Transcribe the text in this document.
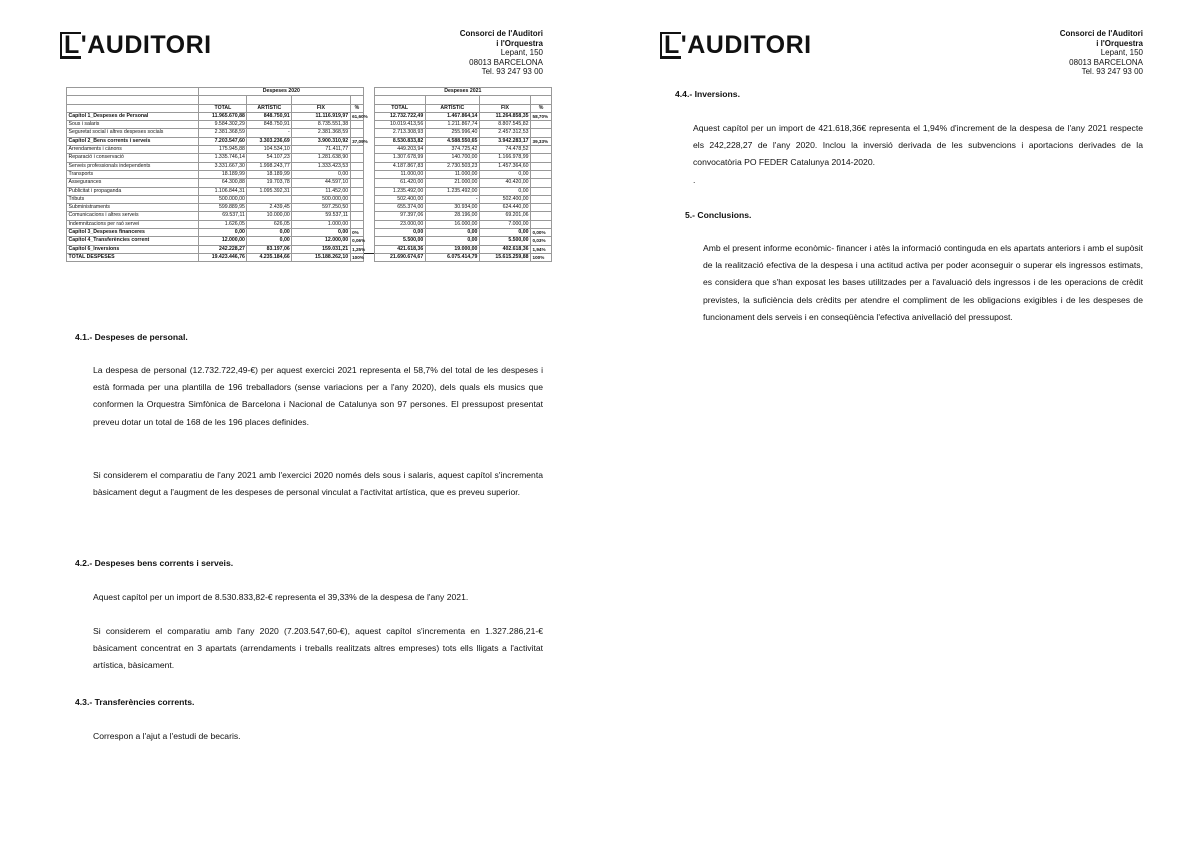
L'AUDITORI	Consorci de l'Auditori
i l'Orquestra
Lepant, 150
08013 BARCELONA
Tel. 93 247 93 00
	Despeses 2020					Despeses 2021			

	TOTAL	ARTÍSTIC	FIX	%		TOTAL	ARTÍSTIC	FIX	%
Capítol 1_Despeses de Personal	11.965.670,88	848.750,91	11.116.919,97	61,60%		12.732.722,49	1.467.864,14	11.264.858,35	58,70%
Sous i salaris	9.584.302,29	848.750,91	8.735.551,38			10.019.413,56	1.211.867,74	8.807.545,82	
Seguretat social i altres despeses socials	2.381.368,59	-	2.381.368,59			2.713.308,93	255.996,40	2.457.312,53	
Capítol 2_Bens corrents i serveis	7.203.547,60	3.303.236,69	3.900.310,92	37,09%		8.530.833,82	4.588.550,65	3.942.283,17	39,33%
Arrendaments i cànons	175.945,88	104.534,10	71.411,77			449.203,94	374.725,42	74.478,52	
Reparació i conservació	1.335.746,14	54.107,23	1.281.638,90			1.307.678,99	140.700,00	1.166.978,99	
Serveis professionals independents	3.331.667,30	1.998.243,77	1.333.423,53			4.187.867,83	2.730.503,23	1.457.364,60	
Transports	18.189,99	18.189,99	0,00			11.000,00	11.000,00	0,00	
Assegurances	64.300,88	19.703,78	44.597,10			61.420,00	21.000,00	40.420,00	
Publicitat i propaganda	1.106.844,31	1.095.392,31	11.452,00			1.235.492,00	1.235.492,00	0,00	
Tributs	500.000,00		500.000,00			502.400,00	-	502.400,00	
Subministraments	599.889,95	2.439,45	597.250,50			655.374,00	30.934,00	624.440,00	
Comunicacions i altres serveis	69.537,11	10.000,00	59.537,11			97.397,06	28.196,00	69.201,06	
Indemnitzacions per raó servei	1.626,05	626,05	1.000,00			23.000,00	16.000,00	7.000,00	
Capítol 3_Despeses financeres	0,00	0,00	0,00	0%		0,00	0,00	0,00	0,00%
Capítol 4_Transferències corrent	12.000,00	0,00	12.000,00	0,06%		5.500,00	0,00	5.500,00	0,03%
Capítol 6_Inversions	242.228,27	83.197,06	159.031,21	1,25%		421.618,36	19.000,00	402.618,36	1,94%
TOTAL DESPESES	19.423.446,76	4.235.184,66	15.188.262,10	100%		21.690.674,67	6.075.414,79	15.615.259,88	100%
4.1.- Despeses de personal.
La despesa de personal (12.732.722,49-€) per aquest exercici 2021 representa el 58,7% del total de les despeses i està formada per una plantilla de 196 treballadors (sense variacions per a l'any 2020), dels quals els musics que conformen la Orquestra Simfònica de Barcelona i Nacional de Catalunya son 97 persones. El pressupost presentat preveu dotar un total de 168 de les 196 places definides.
Si considerem el comparatiu de l'any 2021 amb l'exercici 2020 només dels sous i salaris, aquest capítol s'incrementa bàsicament degut a l'augment de les despeses de personal vinculat a l'activitat artística, que es preveu superior.
4.2.- Despeses bens corrents i serveis.
Aquest capítol per un import de 8.530.833,82-€ representa el 39,33% de la despesa de l'any 2021.
Si considerem el comparatiu amb l'any 2020 (7.203.547,60-€), aquest capítol s'incrementa en 1.327.286,21-€ bàsicament concentrat en 3 apartats (arrendaments i treballs realitzats altres empreses) tots ells lligats a l'activitat artística, bàsicament.
4.3.- Transferències corrents.
Correspon a l'ajut a l'estudi de becaris.
L'AUDITORI	Consorci de l'Auditori
i l'Orquestra
Lepant, 150
08013 BARCELONA
Tel. 93 247 93 00
4.4.- Inversions.
Aquest capítol per un import de 421.618,36€ representa el 1,94% d'increment de la despesa de l'any 2021 respecte els 242,228,27 de l'any 2020. Inclou la inversió derivada de les subvencions i aportacions derivades de la convocatòria PO FEDER Catalunya 2014-2020.
.
5.- Conclusions.
Amb el present informe econòmic- financer i atès la informació continguda en els apartats anteriors i amb el supòsit de la realització efectiva de la despesa i una actitud activa per poder aconseguir o superar els ingressos estimats, es considera que s'han exposat les bases utilitzades per a l'avaluació dels ingressos i de les operacions de crèdit previstes, la suficiència dels crèdits per atendre el compliment de les obligacions exigibles i de les despeses de funcionament dels serveis i en conseqüència l'efectiva anivellació del pressupost.
